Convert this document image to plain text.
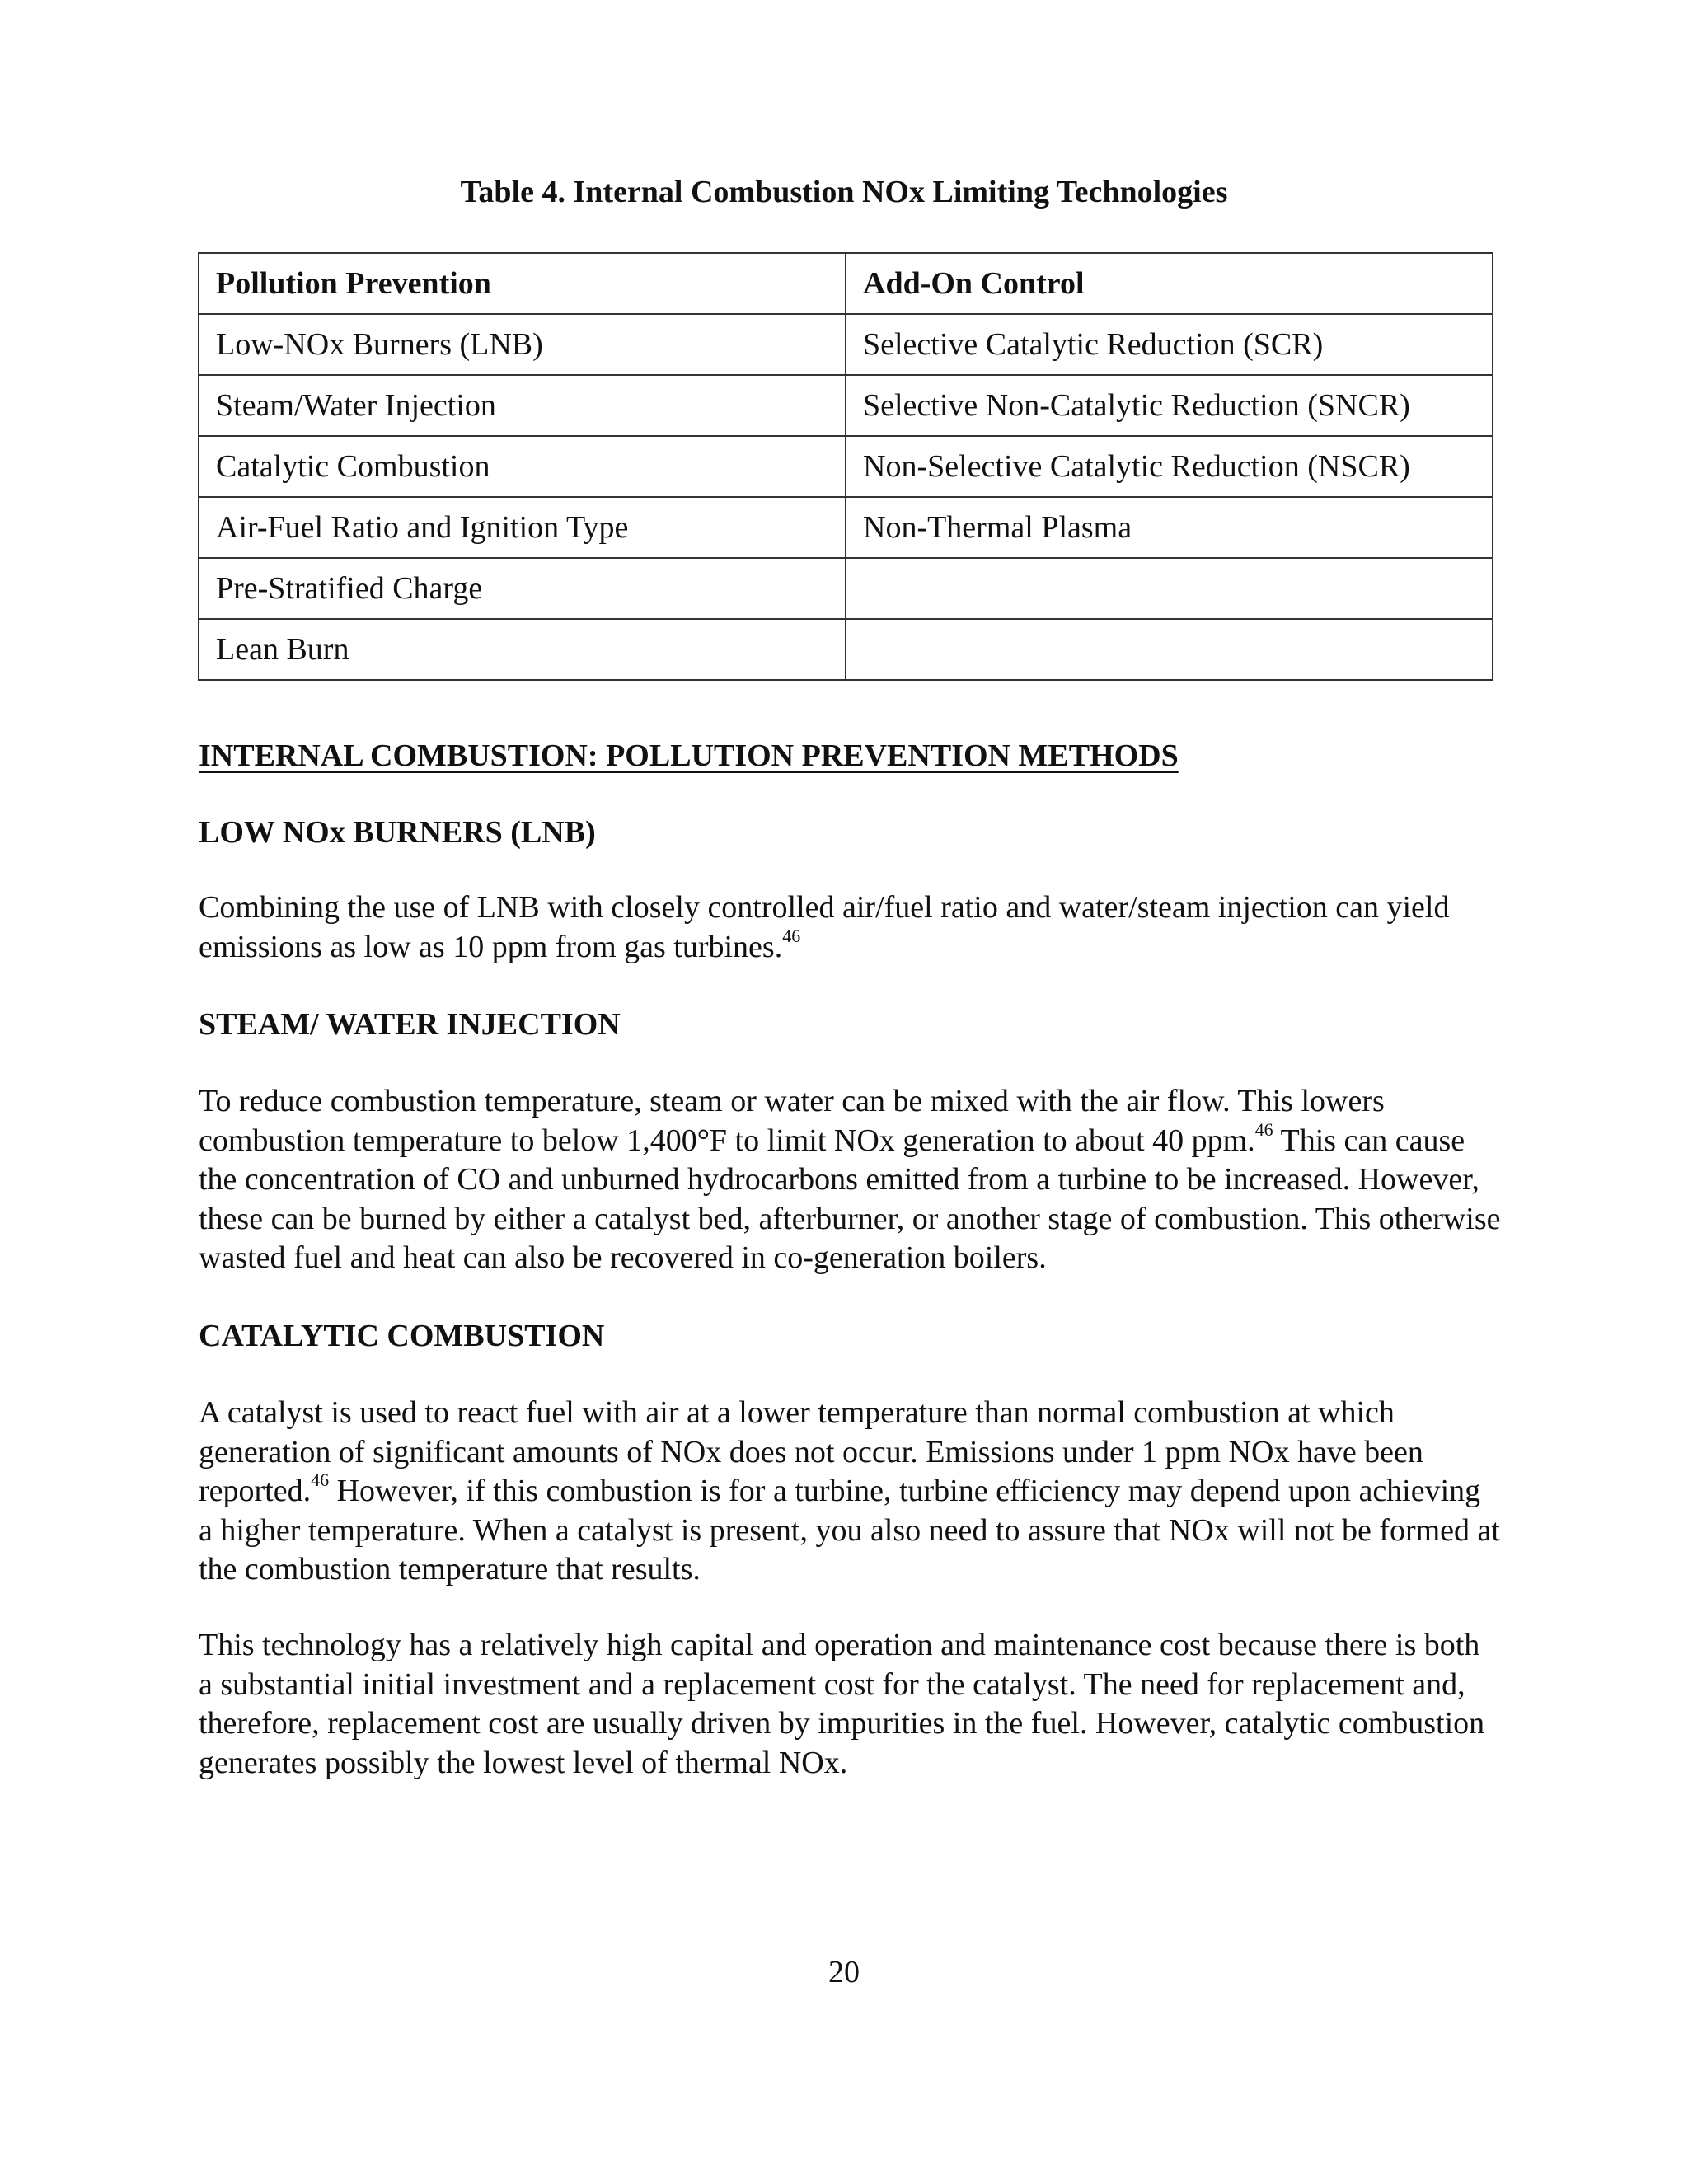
Table 4. Internal Combustion NOx Limiting Technologies
Pollution Prevention	Add-On Control
Low-NOx Burners (LNB)	Selective Catalytic Reduction (SCR)
Steam/Water Injection	Selective Non-Catalytic Reduction (SNCR)
Catalytic Combustion	Non-Selective Catalytic Reduction (NSCR)
Air-Fuel Ratio and Ignition Type	Non-Thermal Plasma
Pre-Stratified Charge	
Lean Burn	
INTERNAL COMBUSTION: POLLUTION PREVENTION METHODS
LOW NOx BURNERS (LNB)
Combining the use of LNB with closely controlled air/fuel ratio and water/steam injection can yield emissions as low as 10 ppm from gas turbines.$^{46}$
STEAM/ WATER INJECTION
To reduce combustion temperature, steam or water can be mixed with the air flow. This lowers combustion temperature to below 1,400°F to limit NOx generation to about 40 ppm.$^{46}$ This can cause the concentration of CO and unburned hydrocarbons emitted from a turbine to be increased. However, these can be burned by either a catalyst bed, afterburner, or another stage of combustion. This otherwise wasted fuel and heat can also be recovered in co-generation boilers.
CATALYTIC COMBUSTION
A catalyst is used to react fuel with air at a lower temperature than normal combustion at which generation of significant amounts of NOx does not occur. Emissions under 1 ppm NOx have been reported.$^{46}$ However, if this combustion is for a turbine, turbine efficiency may depend upon achieving a higher temperature. When a catalyst is present, you also need to assure that NOx will not be formed at the combustion temperature that results.
This technology has a relatively high capital and operation and maintenance cost because there is both a substantial initial investment and a replacement cost for the catalyst. The need for replacement and, therefore, replacement cost are usually driven by impurities in the fuel. However, catalytic combustion generates possibly the lowest level of thermal NOx.
20
